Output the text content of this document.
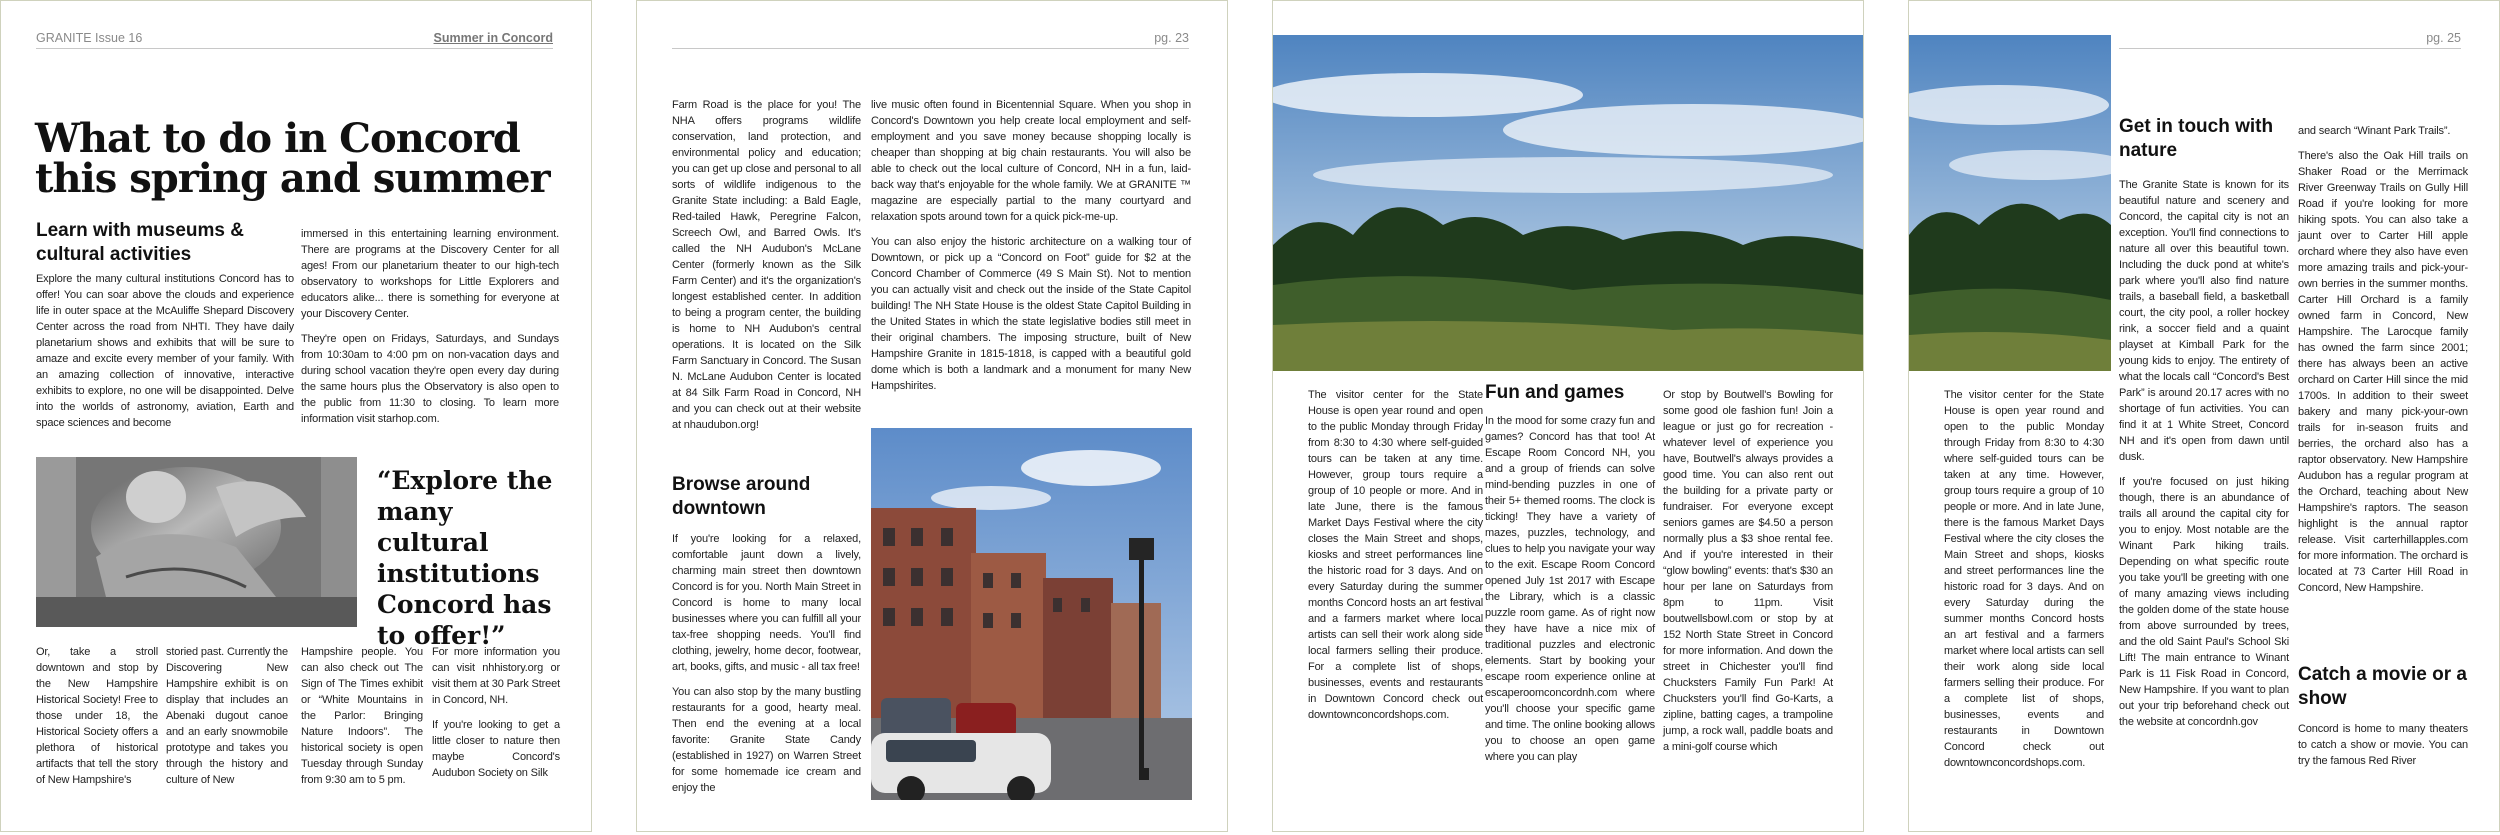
GRANITE Issue 16	Summer in Concord
What to do in Concord
this spring and summer
Learn with museums & cultural activities
Explore the many cultural institutions Concord has to offer! You can soar above the clouds and experience life in outer space at the McAuliffe Shepard Discovery Center across the road from NHTI. They have daily planetarium shows and exhibits that will be sure to amaze and excite every member of your family. With an amazing collection of innovative, interactive exhibits to explore, no one will be disappointed. Delve into the worlds of astronomy, aviation, Earth and space sciences and become

immersed in this entertaining learning environment. There are programs at the Discovery Center for all ages! From our planetarium theater to our high-tech observatory to workshops for Little Explorers and educators alike... there is something for everyone at your Discovery Center.

They're open on Fridays, Saturdays, and Sundays from 10:30am to 4:00 pm on non-vacation days and during school vacation they're open every day during the same hours plus the Observatory is also open to the public from 11:30 to closing. To learn more information visit starhop.com.

“Explore the many cultural institutions Concord has to offer!”
Or, take a stroll downtown and stop by the New Hampshire Historical Society! Free to those under 18, the Historical Society offers a plethora of historical artifacts that tell the story of New Hampshire's
storied past. Currently the Discovering New Hampshire exhibit is on display that includes an Abenaki dugout canoe and an early snowmobile prototype and takes you through the history and culture of New
Hampshire people. You can also check out The Sign of The Times exhibit or “White Mountains in the Parlor: Bringing Nature Indoors”. The historical society is open Tuesday through Sunday from 9:30 am to 5 pm.

For more information you can visit nhhistory.org or visit them at 30 Park Street in Concord, NH.

If you're looking to get a little closer to nature then maybe Concord's Audubon Society on Silk

pg. 23
Farm Road is the place for you! The NHA offers programs wildlife conservation, land protection, and environmental policy and education; you can get up close and personal to all sorts of wildlife indigenous to the Granite State including: a Bald Eagle, Red-tailed Hawk, Peregrine Falcon, Screech Owl, and Barred Owls. It's called the NH Audubon's McLane Center (formerly known as the Silk Farm Center) and it's the organization's longest established center. In addition to being a program center, the building is home to NH Audubon's central operations. It is located on the Silk Farm Sanctuary in Concord. The Susan N. McLane Audubon Center is located at 84 Silk Farm Road in Concord, NH and you can check out at their website at nhaudubon.org!
Browse around downtown

If you're looking for a relaxed, comfortable jaunt down a lively, charming main street then downtown Concord is for you. North Main Street in Concord is home to many local businesses where you can fulfill all your tax-free shopping needs. You'll find clothing, jewelry, home decor, footwear, art, books, gifts, and music - all tax free!

You can also stop by the many bustling restaurants for a good, hearty meal. Then end the evening at a local favorite: Granite State Candy (established in 1927) on Warren Street for some homemade ice cream and enjoy the

live music often found in Bicentennial Square. When you shop in Concord's Downtown you help create local employment and self-employment and you save money because shopping locally is cheaper than shopping at big chain restaurants. You will also be able to check out the local culture of Concord, NH in a fun, laid-back way that's enjoyable for the whole family. We at GRANITE ™ magazine are especially partial to the many courtyard and relaxation spots around town for a quick pick-me-up.

You can also enjoy the historic architecture on a walking tour of Downtown, or pick up a “Concord on Foot” guide for $2 at the Concord Chamber of Commerce (49 S Main St). Not to mention you can actually visit and check out the inside of the State Capitol building! The NH State House is the oldest State Capitol Building in the United States in which the state legislative bodies still meet in their original chambers. The imposing structure, built of New Hampshire Granite in 1815-1818, is capped with a beautiful gold dome which is both a landmark and a monument for many New Hampshirites.

The visitor center for the State House is open year round and open to the public Monday through Friday from 8:30 to 4:30 where self-guided tours can be taken at any time. However, group tours require a group of 10 people or more. And in late June, there is the famous Market Days Festival where the city closes the Main Street and shops, kiosks and street performances line the historic road for 3 days. And on every Saturday during the summer months Concord hosts an art festival and a farmers market where local artists can sell their work along side local farmers selling their produce. For a complete list of shops, businesses, events and restaurants in Downtown Concord check out downtownconcordshops.com.
Fun and games
In the mood for some crazy fun and games? Concord has that too! At Escape Room Concord NH, you and a group of friends can solve mind-bending puzzles in one of their 5+ themed rooms. The clock is ticking! They have a variety of mazes, puzzles, technology, and clues to help you navigate your way to the exit. Escape Room Concord opened July 1st 2017 with Escape the Library, which is a classic puzzle room game. As of right now they have have a nice mix of traditional puzzles and electronic elements. Start by booking your escape room experience online at escaperoomconcordnh.com where you'll choose your specific game and time. The online booking allows you to choose an open game where you can play
Or stop by Boutwell's Bowling for some good ole fashion fun! Join a league or just go for recreation - whatever level of experience you have, Boutwell's always provides a good time. You can also rent out the building for a private party or fundraiser. For everyone except seniors games are $4.50 a person normally plus a $3 shoe rental fee. And if you're interested in their “glow bowling” events: that's $30 an hour per lane on Saturdays from 8pm to 11pm. Visit boutwellsbowl.com or stop by at 152 North State Street in Concord for more information. And down the street in Chichester you'll find Chucksters Family Fun Park! At Chucksters you'll find Go-Karts, a zipline, batting cages, a trampoline jump, a rock wall, paddle boats and a mini-golf course which
pg. 25
The visitor center for the State House is open year round and open to the public Monday through Friday from 8:30 to 4:30 where self-guided tours can be taken at any time. However, group tours require a group of 10 people or more. And in late June, there is the famous Market Days Festival where the city closes the Main Street and shops, kiosks and street performances line the historic road for 3 days. And on every Saturday during the summer months Concord hosts an art festival and a farmers market where local artists can sell their work along side local farmers selling their produce. For a complete list of shops, businesses, events and restaurants in Downtown Concord check out downtownconcordshops.com.
Get in touch with nature

The Granite State is known for its beautiful nature and scenery and Concord, the capital city is not an exception. You'll find connections to nature all over this beautiful town. Including the duck pond at white's park where you'll also find nature trails, a baseball field, a basketball court, the city pool, a roller hockey rink, a soccer field and a quaint playset at Kimball Park for the young kids to enjoy. The entirety of what the locals call “Concord's Best Park” is around 20.17 acres with no shortage of fun activities. You can find it at 1 White Street, Concord NH and it's open from dawn until dusk.

If you're focused on just hiking though, there is an abundance of trails all around the capital city for you to enjoy. Most notable are the Winant Park hiking trails. Depending on what specific route you take you'll be greeting with one of many amazing views including the golden dome of the state house from above surrounded by trees, and the old Saint Paul's School Ski Lift! The main entrance to Winant Park is 11 Fisk Road in Concord, New Hampshire. If you want to plan out your trip beforehand check out the website at concordnh.gov

and search “Winant Park Trails”.

There's also the Oak Hill trails on Shaker Road or the Merrimack River Greenway Trails on Gully Hill Road if you're looking for more hiking spots. You can also take a jaunt over to Carter Hill apple orchard where they also have even more amazing trails and pick-your-own berries in the summer months. Carter Hill Orchard is a family owned farm in Concord, New Hampshire. The Larocque family has owned the farm since 2001; there has always been an active orchard on Carter Hill since the mid 1700s. In addition to their sweet bakery and many pick-your-own trails for in-season fruits and berries, the orchard also has a raptor observatory. New Hampshire Audubon has a regular program at the Orchard, teaching about New Hampshire's raptors. The season highlight is the annual raptor release. Visit carterhillapples.com for more information. The orchard is located at 73 Carter Hill Road in Concord, New Hampshire.

Catch a movie or a show
Concord is home to many theaters to catch a show or movie. You can try the famous Red River
